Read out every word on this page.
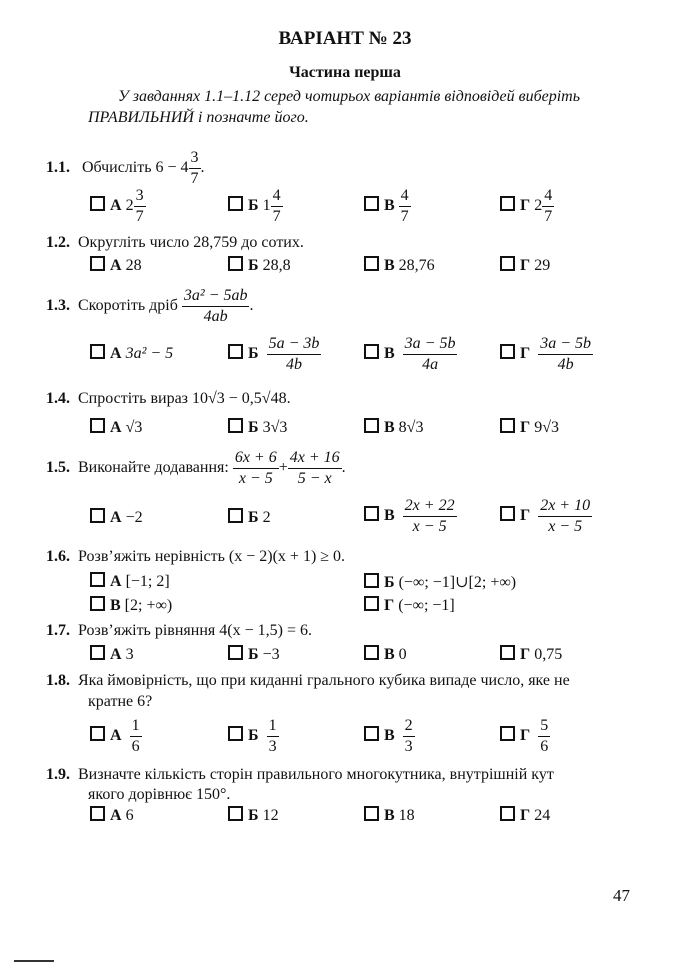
ВАРІАНТ № 23
Частина перша
У завданнях 1.1–1.12 серед чотирьох варіантів відповідей виберіть ПРАВИЛЬНИЙ і позначте його.
1.1. Обчисліть $6 - 4 \frac{3}{7}$ .
А $2 \frac{3}{7}$	Б $1 \frac{4}{7}$	В $\frac{4}{7}$	Г $2 \frac{4}{7}$
1.2. Округліть число 28,759 до сотих.
А 28	Б 28,8	В 28,76	Г 29
1.3. Скоротіть дріб $\frac{\text{3a² − 5ab}}{4ab}$ .
А 3a² − 5	Б $\frac{5a - 3b}{4b}$	В $\frac{3a - 5b}{4a}$	Г $\frac{3a - 5b}{4b}$
1.4. Спростіть вираз 10√3 − 0,5√48.
А √3	Б 3√3	В 8√3	Г 9√3
1.5. Виконайте додавання: $\frac{6x + 6}{x - 5} + \frac{4x + 16}{5 - x}$ .
А −2	Б 2	В $\frac{2x + 22}{x - 5}$	Г $\frac{2x + 10}{x - 5}$
1.6. Розв’яжіть нерівність (x − 2)(x + 1) ≥ 0.
А [−1; 2]	Б (−∞; −1]∪[2; +∞)
В [2; +∞)	Г (−∞; −1]
1.7. Розв’яжіть рівняння 4(x − 1,5) = 6.
А 3	Б −3	В 0	Г 0,75
1.8. Яка ймовірність, що при киданні грального кубика випаде число, яке не
кратне 6?
А $\frac{1}{6}$	Б $\frac{1}{3}$	В $\frac{2}{3}$	Г $\frac{5}{6}$
1.9. Визначте кількість сторін правильного многокутника, внутрішній кут
якого дорівнює 150°.
А 6	Б 12	В 18	Г 24
47
